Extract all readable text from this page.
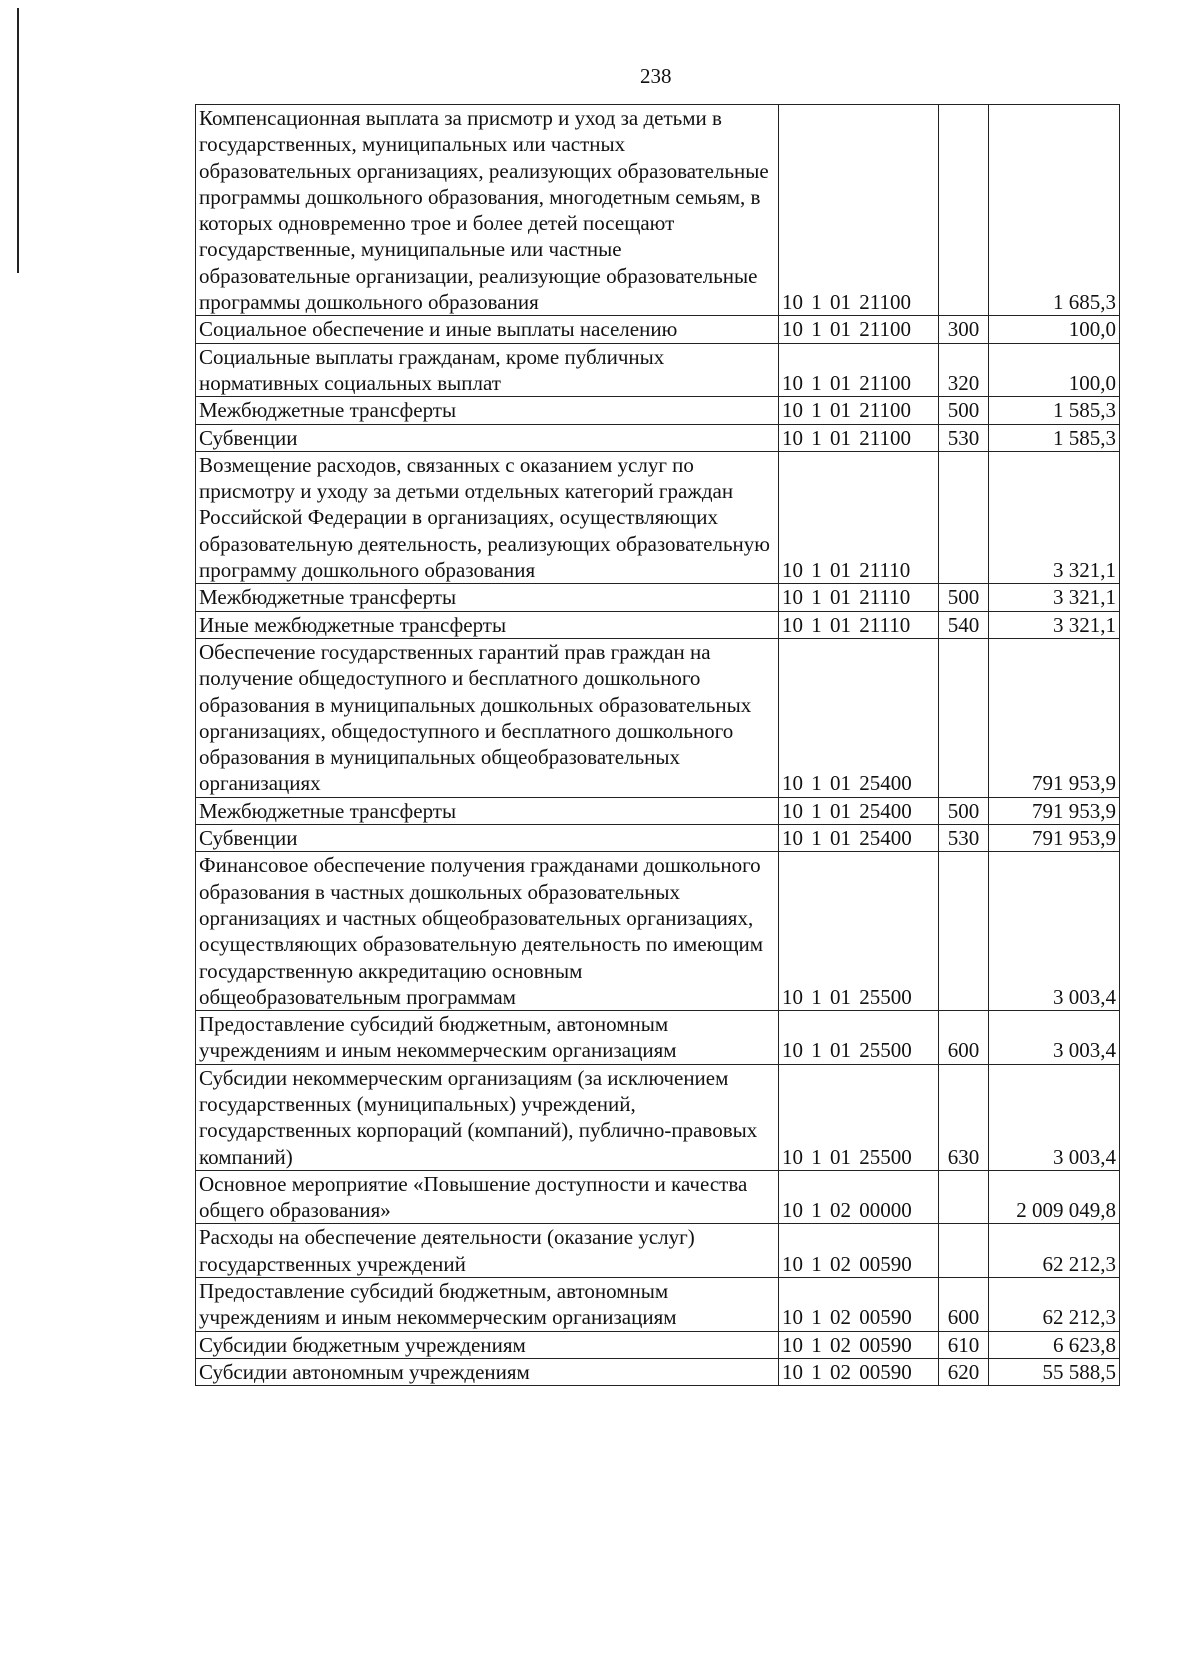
238
Компенсационная выплата за присмотр и уход за детьми в государственных, муниципальных или частных образовательных организациях, реализующих образовательные программы дошкольного образования, многодетным семьям, в которых одновременно трое и более детей посещают государственные, муниципальные или частные образовательные организации, реализующие образовательные программы дошкольного образования	10 1 01 21100		1 685,3
Социальное обеспечение и иные выплаты населению	10 1 01 21100	300	100,0
Социальные выплаты гражданам, кроме публичных нормативных социальных выплат	10 1 01 21100	320	100,0
Межбюджетные трансферты	10 1 01 21100	500	1 585,3
Субвенции	10 1 01 21100	530	1 585,3
Возмещение расходов, связанных с оказанием услуг по присмотру и уходу за детьми отдельных категорий граждан Российской Федерации в организациях, осуществляющих образовательную деятельность, реализующих образовательную программу дошкольного образования	10 1 01 21110		3 321,1
Межбюджетные трансферты	10 1 01 21110	500	3 321,1
Иные межбюджетные трансферты	10 1 01 21110	540	3 321,1
Обеспечение государственных гарантий прав граждан на получение общедоступного и бесплатного дошкольного образования в муниципальных дошкольных образовательных организациях, общедоступного и бесплатного дошкольного образования в муниципальных общеобразовательных организациях	10 1 01 25400		791 953,9
Межбюджетные трансферты	10 1 01 25400	500	791 953,9
Субвенции	10 1 01 25400	530	791 953,9
Финансовое обеспечение получения гражданами дошкольного образования в частных дошкольных образовательных организациях и частных общеобразовательных организациях, осуществляющих образовательную деятельность по имеющим государственную аккредитацию основным общеобразовательным программам	10 1 01 25500		3 003,4
Предоставление субсидий бюджетным, автономным учреждениям и иным некоммерческим организациям	10 1 01 25500	600	3 003,4
Субсидии некоммерческим организациям (за исключением государственных (муниципальных) учреждений, государственных корпораций (компаний), публично-правовых компаний)	10 1 01 25500	630	3 003,4
Основное мероприятие «Повышение доступности и качества общего образования»	10 1 02 00000		2 009 049,8
Расходы на обеспечение деятельности (оказание услуг) государственных учреждений	10 1 02 00590		62 212,3
Предоставление субсидий бюджетным, автономным учреждениям и иным некоммерческим организациям	10 1 02 00590	600	62 212,3
Субсидии бюджетным учреждениям	10 1 02 00590	610	6 623,8
Субсидии автономным учреждениям	10 1 02 00590	620	55 588,5
